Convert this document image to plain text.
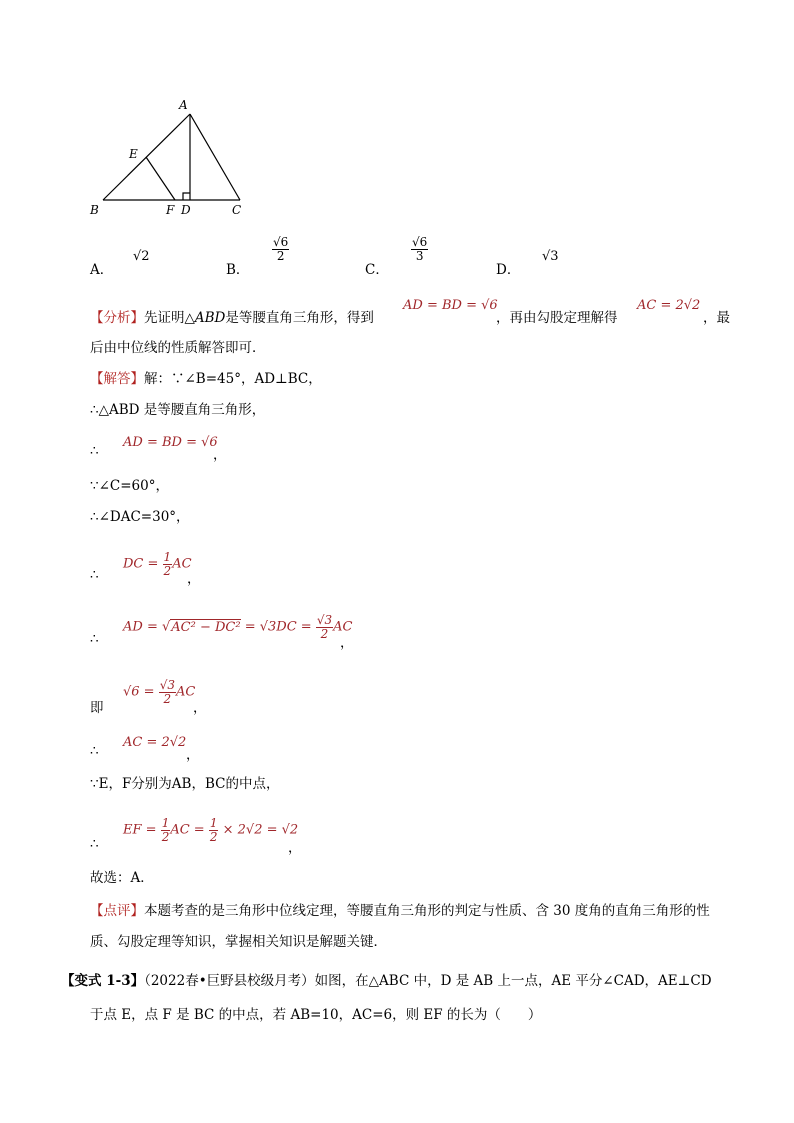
A
E
B	F D	C
A．
√2
B．
$\frac{√6}{2}$
C．
$\frac{√6}{3}$
D．
√3
【分析】先证明△ABD是等腰直角三角形，得到
AD = BD = √6
，再由勾股定理解得
AC = 2√2
，最
后由中位线的性质解答即可．
【解答】解：∵∠B=45°，AD⊥BC，
∴△ABD 是等腰直角三角形，
∴
AD = BD = √6
，
∵∠C=60°，
∴∠DAC=30°，
∴
DC = $\frac{1}{2}$ AC
，
∴
AD = $√AC^2 - DC^2 = √3DC = \frac{√3}{2}$ AC
，
即
$√6 = \frac{√3}{2}$ AC
，
∴
AC = 2√2
，
∵E，F分别为AB，BC的中点，
∴
EF = $\frac{1}{2}$ AC = $\frac{1}{2} \times 2√2 = √2$
，
故选：A．
【点评】本题考查的是三角形中位线定理，等腰直角三角形的判定与性质、含 30 度角的直角三角形的性
质、勾股定理等知识，掌握相关知识是解题关键．
【变式 1-3】（2022春•巨野县校级月考）如图，在△ABC 中，D 是 AB 上一点，AE 平分∠CAD，AE⊥CD
于点 E，点 F 是 BC 的中点，若 AB=10，AC=6，则 EF 的长为（　　）
